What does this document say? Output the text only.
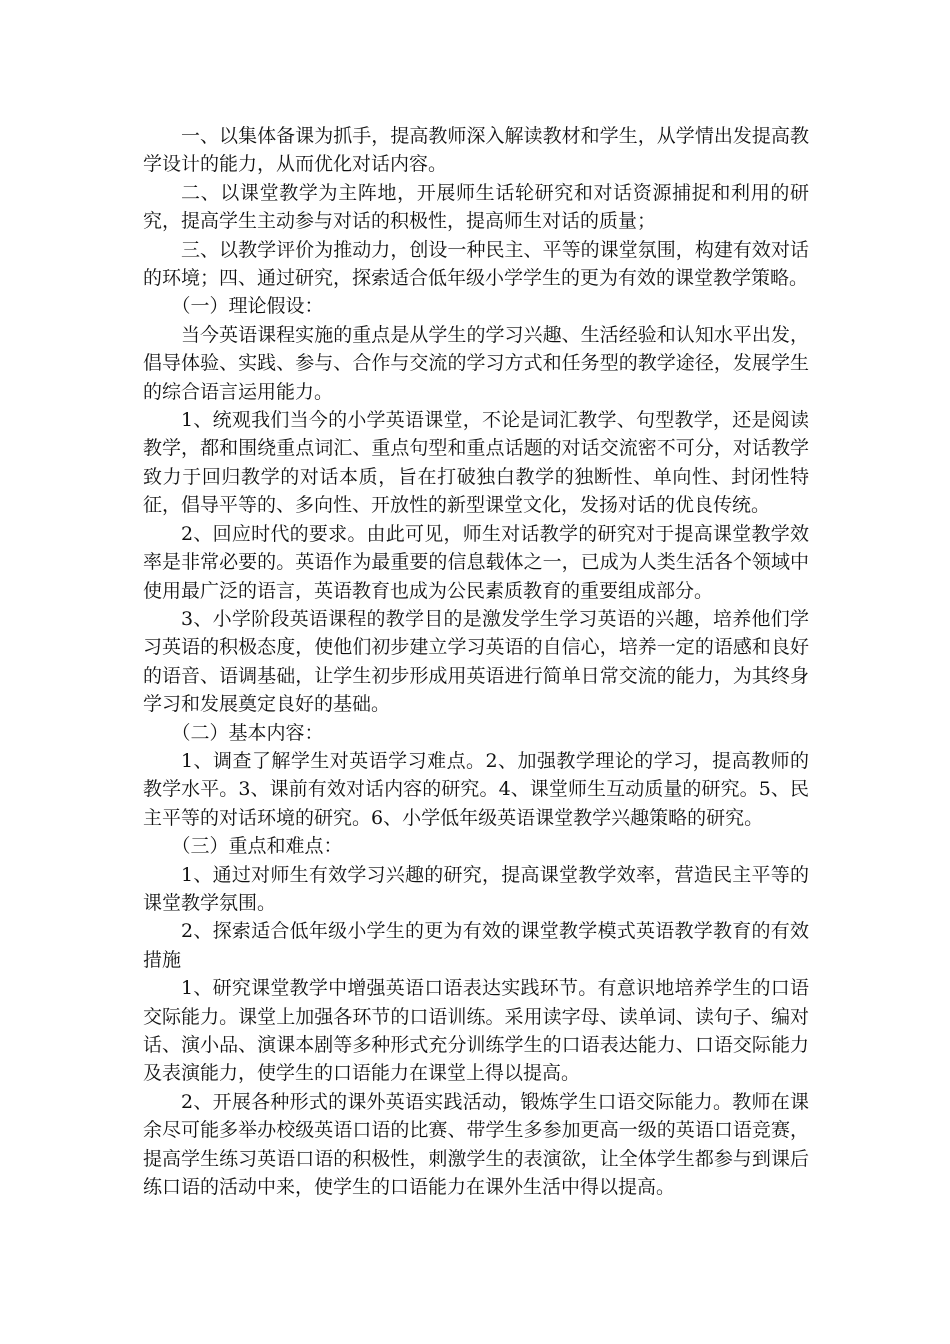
一、以集体备课为抓手，提高教师深入解读教材和学生，从学情出发提高教学设计的能力，从而优化对话内容。

二、以课堂教学为主阵地，开展师生话轮研究和对话资源捕捉和利用的研究，提高学生主动参与对话的积极性，提高师生对话的质量；

三、以教学评价为推动力，创设一种民主、平等的课堂氛围，构建有效对话的环境；四、通过研究，探索适合低年级小学学生的更为有效的课堂教学策略。

（一）理论假设：

当今英语课程实施的重点是从学生的学习兴趣、生活经验和认知水平出发，倡导体验、实践、参与、合作与交流的学习方式和任务型的教学途径，发展学生的综合语言运用能力。

1、统观我们当今的小学英语课堂，不论是词汇教学、句型教学，还是阅读教学，都和围绕重点词汇、重点句型和重点话题的对话交流密不可分，对话教学致力于回归教学的对话本质，旨在打破独白教学的独断性、单向性、封闭性特征，倡导平等的、多向性、开放性的新型课堂文化，发扬对话的优良传统。

2、回应时代的要求。由此可见，师生对话教学的研究对于提高课堂教学效率是非常必要的。英语作为最重要的信息载体之一，已成为人类生活各个领域中使用最广泛的语言，英语教育也成为公民素质教育的重要组成部分。

3、小学阶段英语课程的教学目的是激发学生学习英语的兴趣，培养他们学习英语的积极态度，使他们初步建立学习英语的自信心，培养一定的语感和良好的语音、语调基础，让学生初步形成用英语进行简单日常交流的能力，为其终身学习和发展奠定良好的基础。

（二）基本内容：

1、调查了解学生对英语学习难点。2、加强教学理论的学习，提高教师的教学水平。3、课前有效对话内容的研究。4、课堂师生互动质量的研究。5、民主平等的对话环境的研究。6、小学低年级英语课堂教学兴趣策略的研究。

（三）重点和难点：

1、通过对师生有效学习兴趣的研究，提高课堂教学效率，营造民主平等的课堂教学氛围。

2、探索适合低年级小学生的更为有效的课堂教学模式英语教学教育的有效措施

1、研究课堂教学中增强英语口语表达实践环节。有意识地培养学生的口语交际能力。课堂上加强各环节的口语训练。采用读字母、读单词、读句子、编对话、演小品、演课本剧等多种形式充分训练学生的口语表达能力、口语交际能力及表演能力，使学生的口语能力在课堂上得以提高。

2、开展各种形式的课外英语实践活动，锻炼学生口语交际能力。教师在课余尽可能多举办校级英语口语的比赛、带学生多参加更高一级的英语口语竞赛，提高学生练习英语口语的积极性，刺激学生的表演欲，让全体学生都参与到课后练口语的活动中来，使学生的口语能力在课外生活中得以提高。
